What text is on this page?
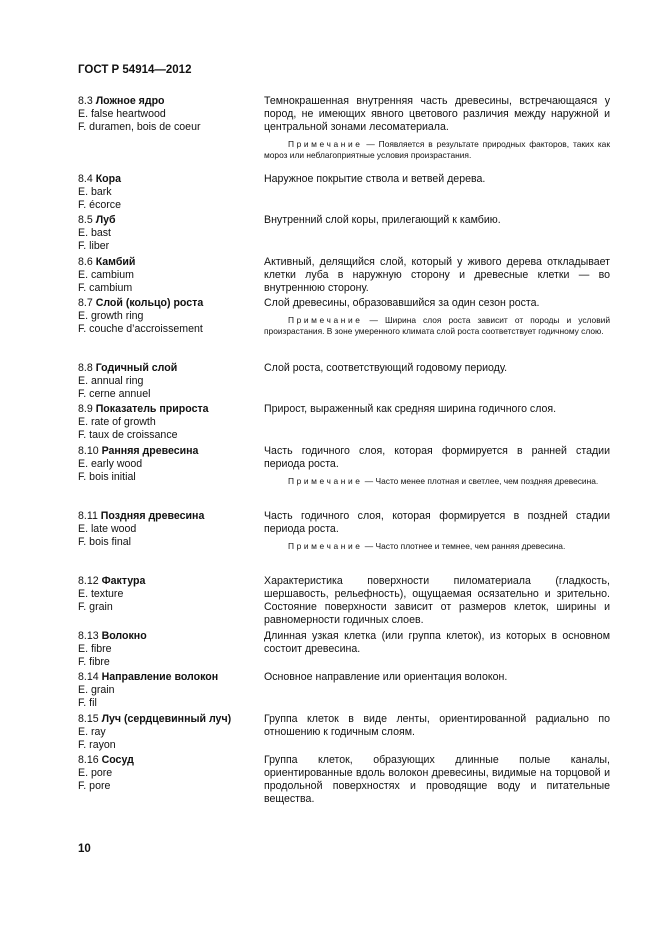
ГОСТ Р 54914—2012
8.3 Ложное ядро
E. false heartwood
F. duramen, bois de coeur

Темнокрашенная внутренняя часть древесины, встречающаяся у пород, не имеющих явного цветового различия между наружной и центральной зонами лесоматериала.

Примечание — Появляется в результате природных факторов, таких как мороз или неблагоприятные условия произрастания.

8.4 Кора
E. bark
F. écorce

Наружное покрытие ствола и ветвей дерева.

8.5 Луб
E. bast
F. liber

Внутренний слой коры, прилегающий к камбию.

8.6 Камбий
E. cambium
F. cambium

Активный, делящийся слой, который у живого дерева откладывает клетки луба в наружную сторону и древесные клетки — во внутреннюю сторону.

8.7 Слой (кольцо) роста
E. growth ring
F. couche d’accroissement

Слой древесины, образовавшийся за один сезон роста.

Примечание — Ширина слоя роста зависит от породы и условий произрастания. В зоне умеренного климата слой роста соответствует годичному слою.

8.8 Годичный слой
E. annual ring
F. cerne annuel

Слой роста, соответствующий годовому периоду.

8.9 Показатель прироста
E. rate of growth
F. taux de croissance

Прирост, выраженный как средняя ширина годичного слоя.

8.10 Ранняя древесина
E. early wood
F. bois initial

Часть годичного слоя, которая формируется в ранней стадии периода роста.

Примечание — Часто менее плотная и светлее, чем поздняя древесина.

8.11 Поздняя древесина
E. late wood
F. bois final

Часть годичного слоя, которая формируется в поздней стадии периода роста.

Примечание — Часто плотнее и темнее, чем ранняя древесина.

8.12 Фактура
E. texture
F. grain

Характеристика поверхности пиломатериала (гладкость, шершавость, рельефность), ощущаемая осязательно и зрительно. Состояние поверхности зависит от размеров клеток, ширины и равномерности годичных слоев.

8.13 Волокно
E. fibre
F. fibre

Длинная узкая клетка (или группа клеток), из которых в основном состоит древесина.

8.14 Направление волокон
E. grain
F. fil

Основное направление или ориентация волокон.

8.15 Луч (сердцевинный луч)
E. ray
F. rayon

Группа клеток в виде ленты, ориентированной радиально по отношению к годичным слоям.

8.16 Сосуд
E. pore
F. pore

Группа клеток, образующих длинные полые каналы, ориентированные вдоль волокон древесины, видимые на торцовой и продольной поверхностях и проводящие воду и питательные вещества.

10
